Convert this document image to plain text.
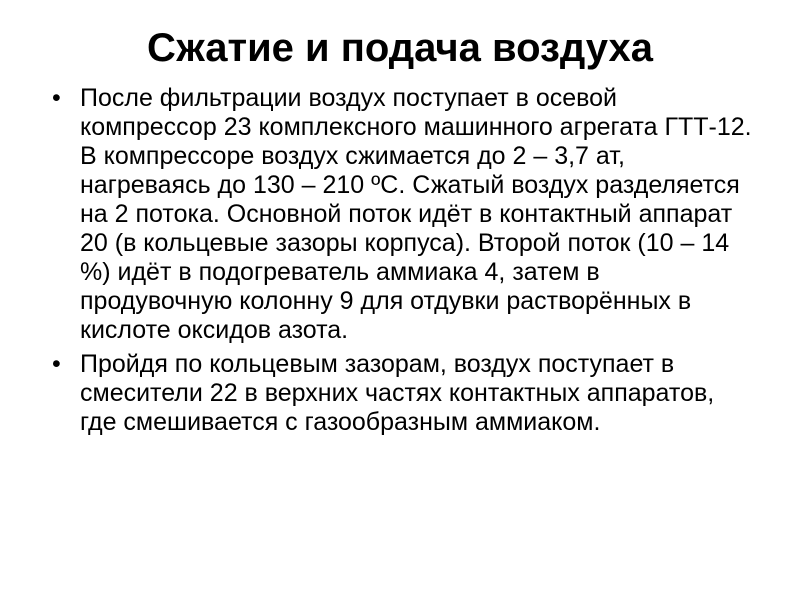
Сжатие и подача воздуха
• После фильтрации воздух поступает в осевой компрессор 23 комплексного машинного агрегата ГТТ-12. В компрессоре воздух сжимается до 2 – 3,7 ат, нагреваясь до 130 – 210 ºС. Сжатый воздух разделяется на 2 потока. Основной поток идёт в контактный аппарат 20 (в кольцевые зазоры корпуса). Второй поток (10 – 14 %) идёт в подогреватель аммиака 4, затем в продувочную колонну 9 для отдувки растворённых в кислоте оксидов азота.
• Пройдя по кольцевым зазорам, воздух поступает в смесители 22 в верхних частях контактных аппаратов, где смешивается с газообразным аммиаком.
